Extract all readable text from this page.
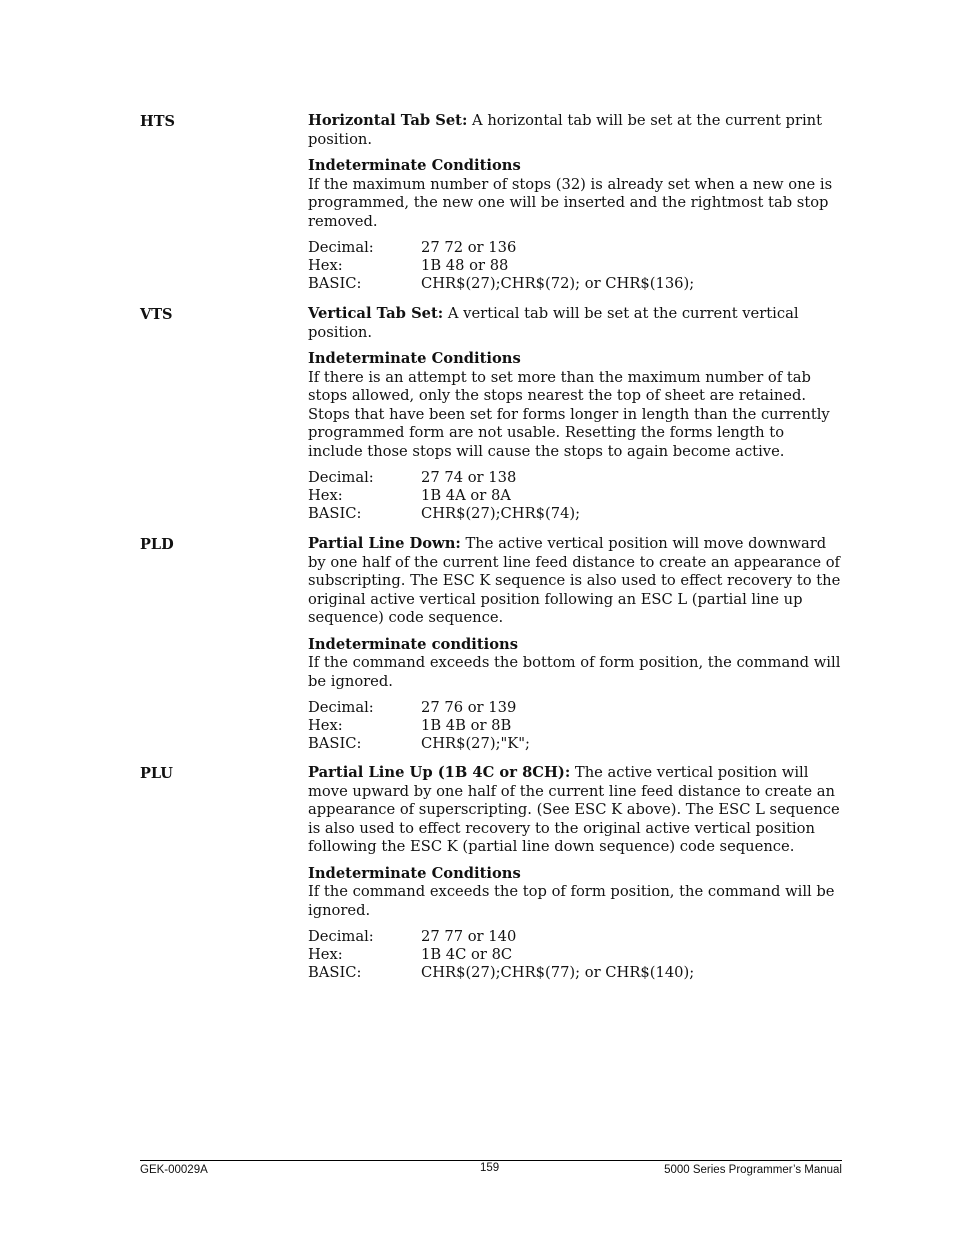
HTS	Horizontal Tab Set: A horizontal tab will be set at the current print position.

Indeterminate Conditions

If the maximum number of stops (32) is already set when a new one is programmed, the new one will be inserted and the rightmost tab stop removed.

Decimal:	27 72 or 136
Hex:	1B 48 or 88
BASIC:	CHR$(27);CHR$(72); or CHR$(136);
VTS	Vertical Tab Set: A vertical tab will be set at the current vertical position.

Indeterminate Conditions

If there is an attempt to set more than the maximum number of tab stops allowed, only the stops nearest the top of sheet are retained. Stops that have been set for forms longer in length than the currently programmed form are not usable. Resetting the forms length to include those stops will cause the stops to again become active.

Decimal:	27 74 or 138
Hex:	1B 4A or 8A
BASIC:	CHR$(27);CHR$(74);
PLD	Partial Line Down: The active vertical position will move downward by one half of the current line feed distance to create an appearance of subscripting. The ESC K sequence is also used to effect recovery to the original active vertical position following an ESC L (partial line up sequence) code sequence.

Indeterminate conditions

If the command exceeds the bottom of form position, the command will be ignored.

Decimal:	27 76 or 139
Hex:	1B 4B or 8B
BASIC:	CHR$(27);"K";
PLU	Partial Line Up (1B 4C or 8CH): The active vertical position will move upward by one half of the current line feed distance to create an appearance of superscripting. (See ESC K above). The ESC L sequence is also used to effect recovery to the original active vertical position following the ESC K (partial line down sequence) code sequence.

Indeterminate Conditions

If the command exceeds the top of form position, the command will be ignored.

Decimal:	27 77 or 140
Hex:	1B 4C or 8C
BASIC:	CHR$(27);CHR$(77); or CHR$(140);
GEK-00029A	159	5000 Series Programmer’s Manual
